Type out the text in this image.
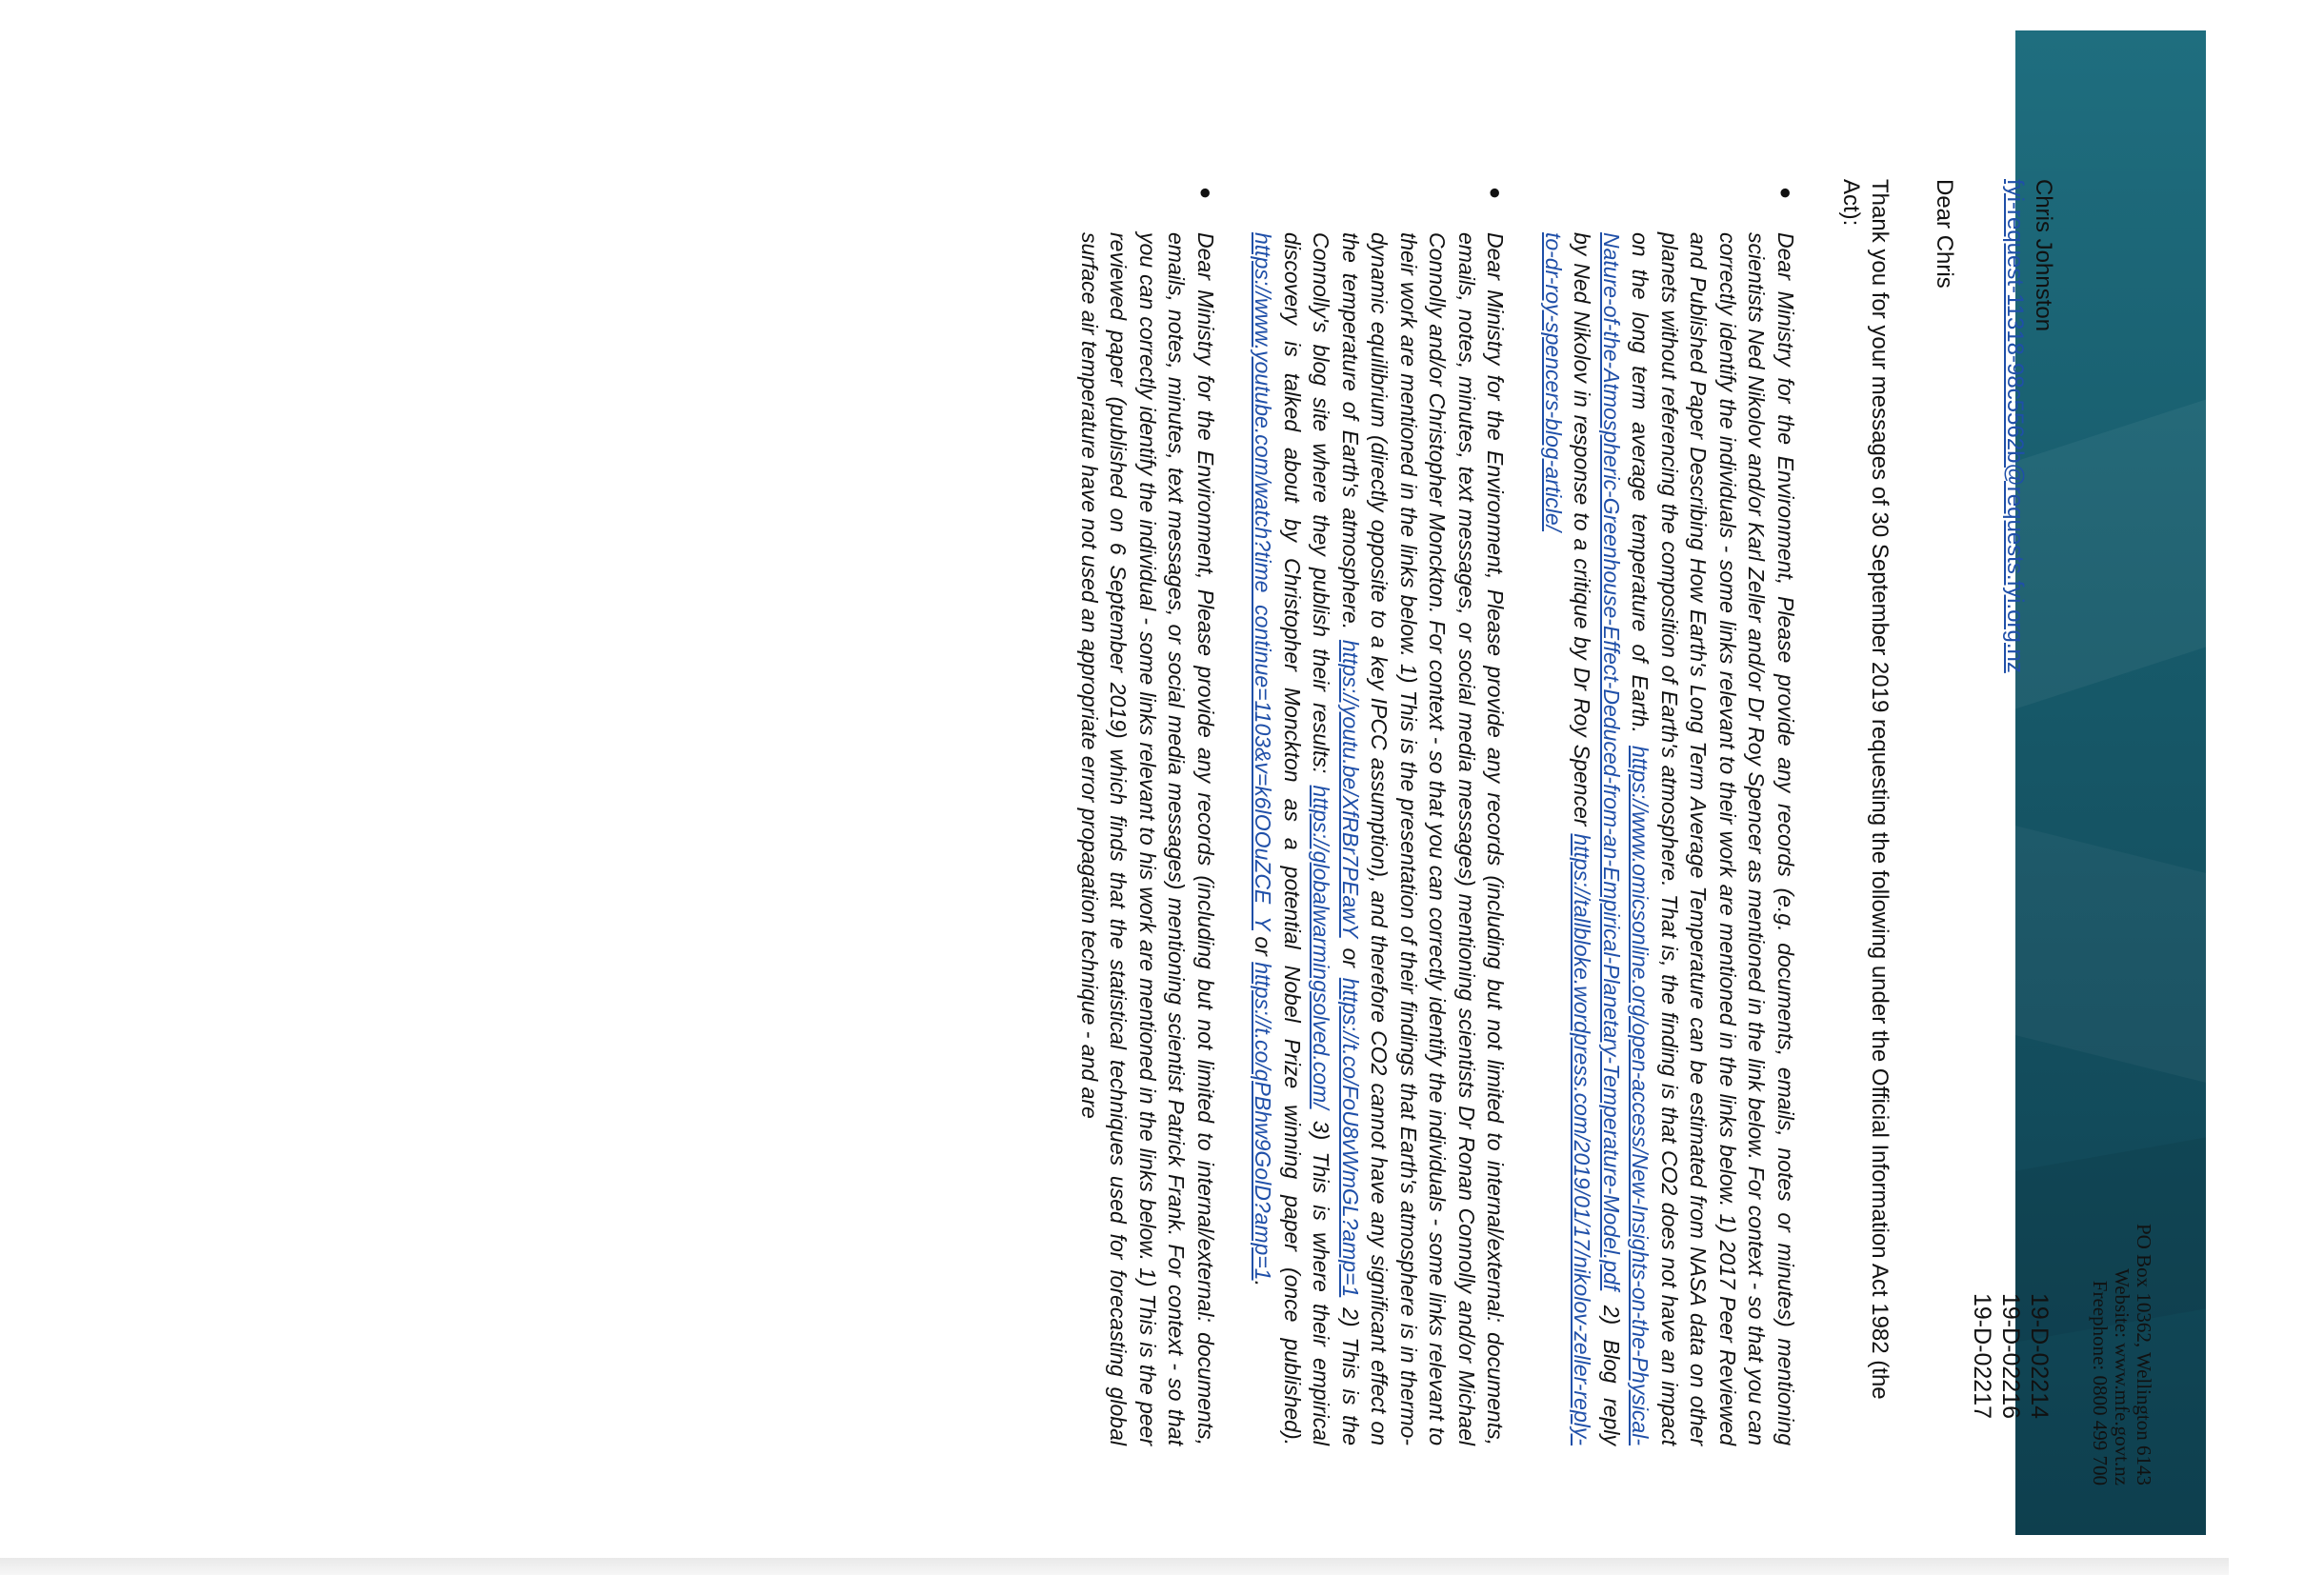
Ministry for the
Environment
Manatū Mō Te Taiao
PO Box 10362, Wellington 6143
Website: www.mfe.govt.nz
Freephone: 0800 499 700
19-D-02214
19-D-02216
19-D-02217

Chris Johnston

fyi-request-11318-98c5562b@requests.fyi.org.nz

Dear Chris

Thank you for your messages of 30 September 2019 requesting the following under the Official Information Act 1982 (the Act):

●
Dear Ministry for the Environment, Please provide any records (e.g. documents, emails, notes or minutes) mentioning scientists Ned Nikolov and/or Karl Zeller and/or Dr Roy Spencer as mentioned in the link below. For context - so that you can correctly identify the individuals - some links relevant to their work are mentioned in the links below. 1) 2017 Peer Reviewed and Published Paper Describing How Earth's Long Term Average Temperature can be estimated from NASA data on other planets without referencing the composition of Earth's atmosphere. That is, the finding is that CO2 does not have an impact on the long term average temperature of Earth. https://www.omicsonline.org/open-access/New-Insights-on-the-Physical-Nature-of-the-Atmospheric-Greenhouse-Effect-Deduced-from-an-Empirical-Planetary-Temperature-Model.pdf 2) Blog reply by Ned Nikolov in response to a critique by Dr Roy Spencer https://tallbloke.wordpress.com/2019/01/17/nikolov-zeller-reply-to-dr-roy-spencers-blog-article/
●
Dear Ministry for the Environment, Please provide any records (including but not limited to internal/external: documents, emails, notes, minutes, text messages, or social media messages) mentioning scientists Dr Ronan Connolly and/or Michael Connolly and/or Christopher Monckton. For context - so that you can correctly identify the individuals - some links relevant to their work are mentioned in the links below. 1) This is the presentation of their findings that Earth's atmosphere is in thermo-dynamic equilibrium (directly opposite to a key IPCC assumption), and therefore CO2 cannot have any significant effect on the temperature of Earth's atmosphere. https://youtu.be/XfRBr7PEawY or https://t.co/FoU8vWmGL?amp=1 2) This is the Connolly's blog site where they publish their results: https://globalwarmingsolved.com/ 3) This is where their empirical discovery is talked about by Christopher Monckton as a potential Nobel Prize winning paper (once published). https://www.youtube.com/watch?time_continue=1103&v=k6lOOuZCE_Y or https://t.co/qPBhw9GolD?amp=1.
●
Dear Ministry for the Environment, Please provide any records (including but not limited to internal/external: documents, emails, notes, minutes, text messages, or social media messages) mentioning scientist Patrick Frank. For context - so that you can correctly identify the individual - some links relevant to his work are mentioned in the links below. 1) This is the peer reviewed paper (published on 6 September 2019) which finds that the statistical techniques used for forecasting global surface air temperature have not used an appropriate error propagation technique - and are
